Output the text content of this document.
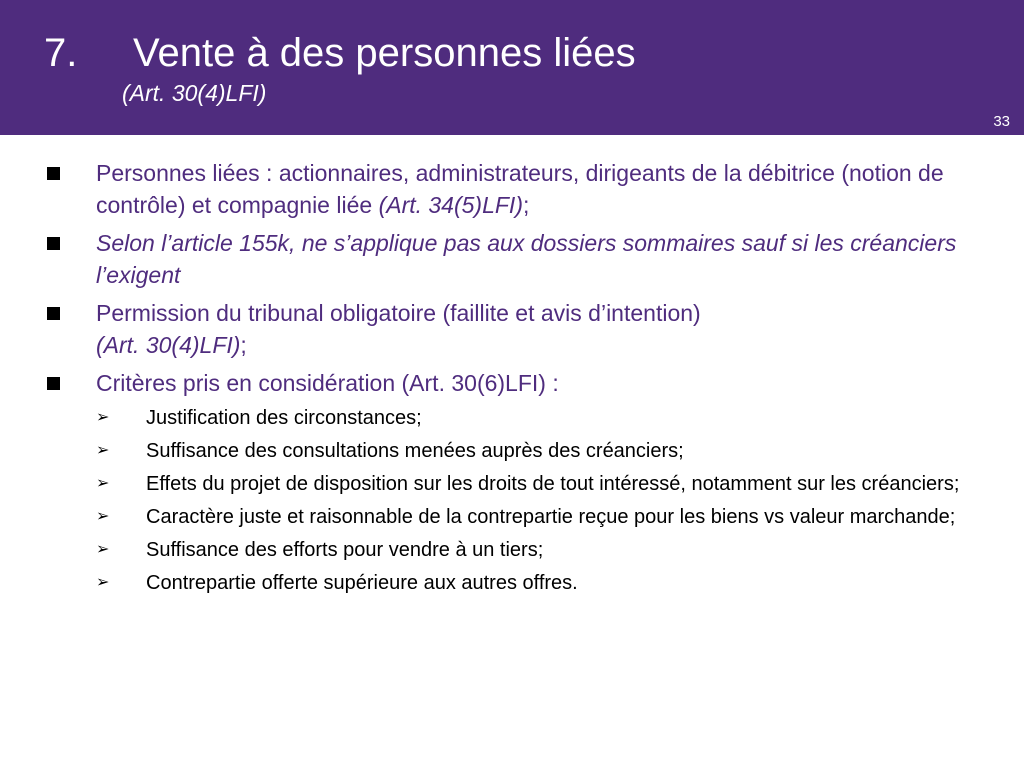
7. Vente à des personnes liées
(Art. 30(4)LFI)
33
Personnes liées : actionnaires, administrateurs, dirigeants de la débitrice (notion de contrôle) et compagnie liée (Art. 34(5)LFI);
Selon l’article 155k, ne s’applique pas aux dossiers sommaires sauf si les créanciers l’exigent
Permission du tribunal obligatoire (faillite et avis d’intention)
(Art. 30(4)LFI);
Critères pris en considération (Art. 30(6)LFI) :
➢ Justification des circonstances;
➢ Suffisance des consultations menées auprès des créanciers;
➢ Effets du projet de disposition sur les droits de tout intéressé, notamment sur les créanciers;
➢ Caractère juste et raisonnable de la contrepartie reçue pour les biens vs valeur marchande;
➢ Suffisance des efforts pour vendre à un tiers;
➢ Contrepartie offerte supérieure aux autres offres.
